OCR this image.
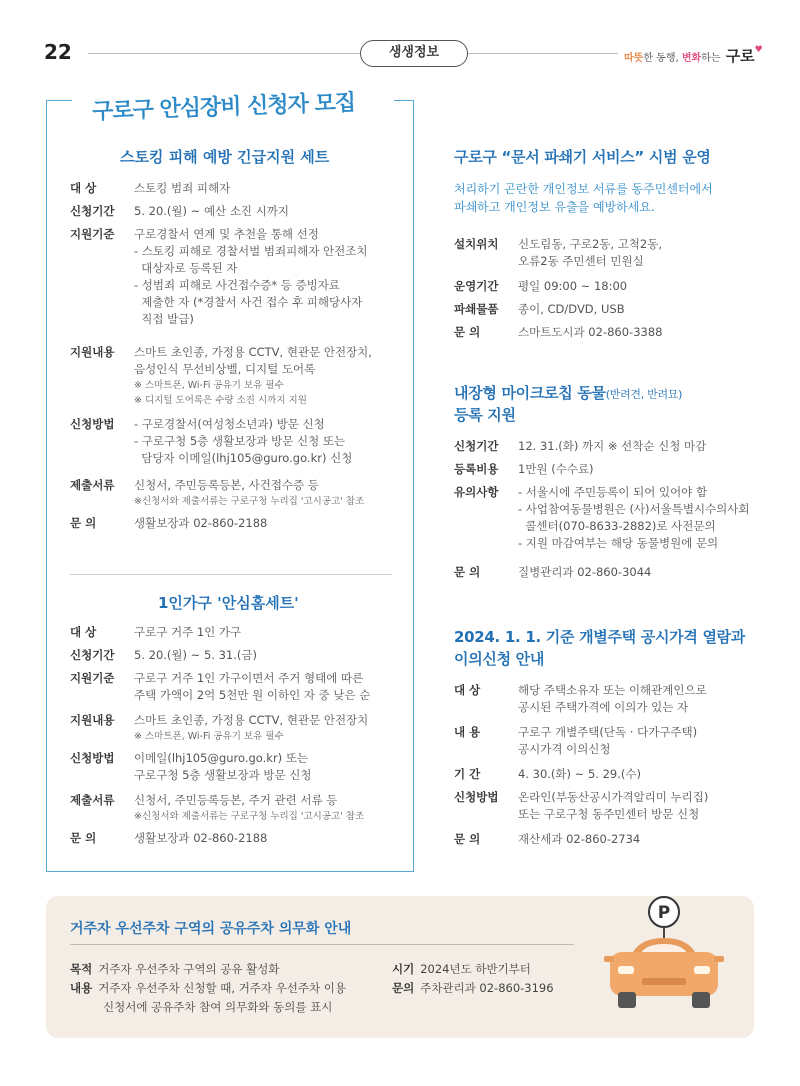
22	생생정보	따뜻한 동행, 변화하는 구로♥
구로구 안심장비 신청자 모집
스토킹 피해 예방 긴급지원 세트
대 상	스토킹 범죄 피해자
신청기간	5. 20.(월) ~ 예산 소진 시까지
지원기준	구로경찰서 연계 및 추천을 통해 선정
- 스토킹 피해로 경찰서벌 범죄피해자 안전조치
대상자로 등록된 자
- 성범죄 피해로 사건접수증* 등 증빙자료
제출한 자 (*경찰서 사건 접수 후 피해당사자
직접 발급)
지원내용	스마트 초인종, 가정용 CCTV, 현관문 안전장치,
음성인식 무선비상벨, 디지털 도어록
※ 스마트폰, Wi-Fi 공유기 보유 필수
※ 디지털 도어록은 수량 소진 시까지 지원
신청방법	- 구로경찰서(여성청소년과) 방문 신청
- 구로구청 5층 생활보장과 방문 신청 또는
담당자 이메일(lhj105@guro.go.kr) 신청
제출서류	신청서, 주민등록등본, 사건접수증 등
※신청서와 제출서류는 구로구청 누리집 '고시공고' 참조
문 의	생활보장과 02-860-2188
1인가구 '안심홈세트'
대 상	구로구 거주 1인 가구
신청기간	5. 20.(월) ~ 5. 31.(금)
지원기준	구로구 거주 1인 가구이면서 주거 형태에 따른
주택 가액이 2억 5천만 원 이하인 자 중 낮은 순
지원내용	스마트 초인종, 가정용 CCTV, 현관문 안전장치
※ 스마트폰, Wi-Fi 공유기 보유 필수
신청방법	이메일(lhj105@guro.go.kr) 또는
구로구청 5층 생활보장과 방문 신청
제출서류	신청서, 주민등록등본, 주거 관련 서류 등
※신청서와 제출서류는 구로구청 누리집 '고시공고' 참조
문 의	생활보장과 02-860-2188
구로구 “문서 파쇄기 서비스” 시범 운영
처리하기 곤란한 개인정보 서류를 동주민센터에서
파쇄하고 개인정보 유출을 예방하세요.
설치위치	신도림동, 구로2동, 고척2동,
오류2동 주민센터 민원실
운영기간	평일 09:00 ~ 18:00
파쇄물품	종이, CD/DVD, USB
문 의	스마트도시과 02-860-3388
내장형 마이크로칩 동물(반려견, 반려묘)
등록 지원
신청기간	12. 31.(화) 까지 ※ 선착순 신청 마감
등록비용	1만원 (수수료)
유의사항	- 서울시에 주민등록이 되어 있어야 함
- 사업참여동물병원은 (사)서울특별시수의사회
콜센터(070-8633-2882)로 사전문의
- 지원 마감여부는 해당 동물병원에 문의
문 의	질병관리과 02-860-3044
2024. 1. 1. 기준 개별주택 공시가격 열람과
이의신청 안내
대 상	해당 주택소유자 또는 이해관계인으로
공시된 주택가격에 이의가 있는 자
내 용	구로구 개별주택(단독 · 다가구주택)
공시가격 이의신청
기 간	4. 30.(화) ~ 5. 29.(수)
신청방법	온라인(부동산공시가격알리미 누리집)
또는 구로구청 동주민센터 방문 신청
문 의	재산세과 02-860-2734
거주자 우선주차 구역의 공유주차 의무화 안내
목적 거주자 우선주차 구역의 공유 활성화
내용 거주자 우선주차 신청할 때, 거주자 우선주차 이용
신청서에 공유주차 참여 의무화와 동의를 표시
시기 2024년도 하반기부터
문의 주차관리과 02-860-3196
P
